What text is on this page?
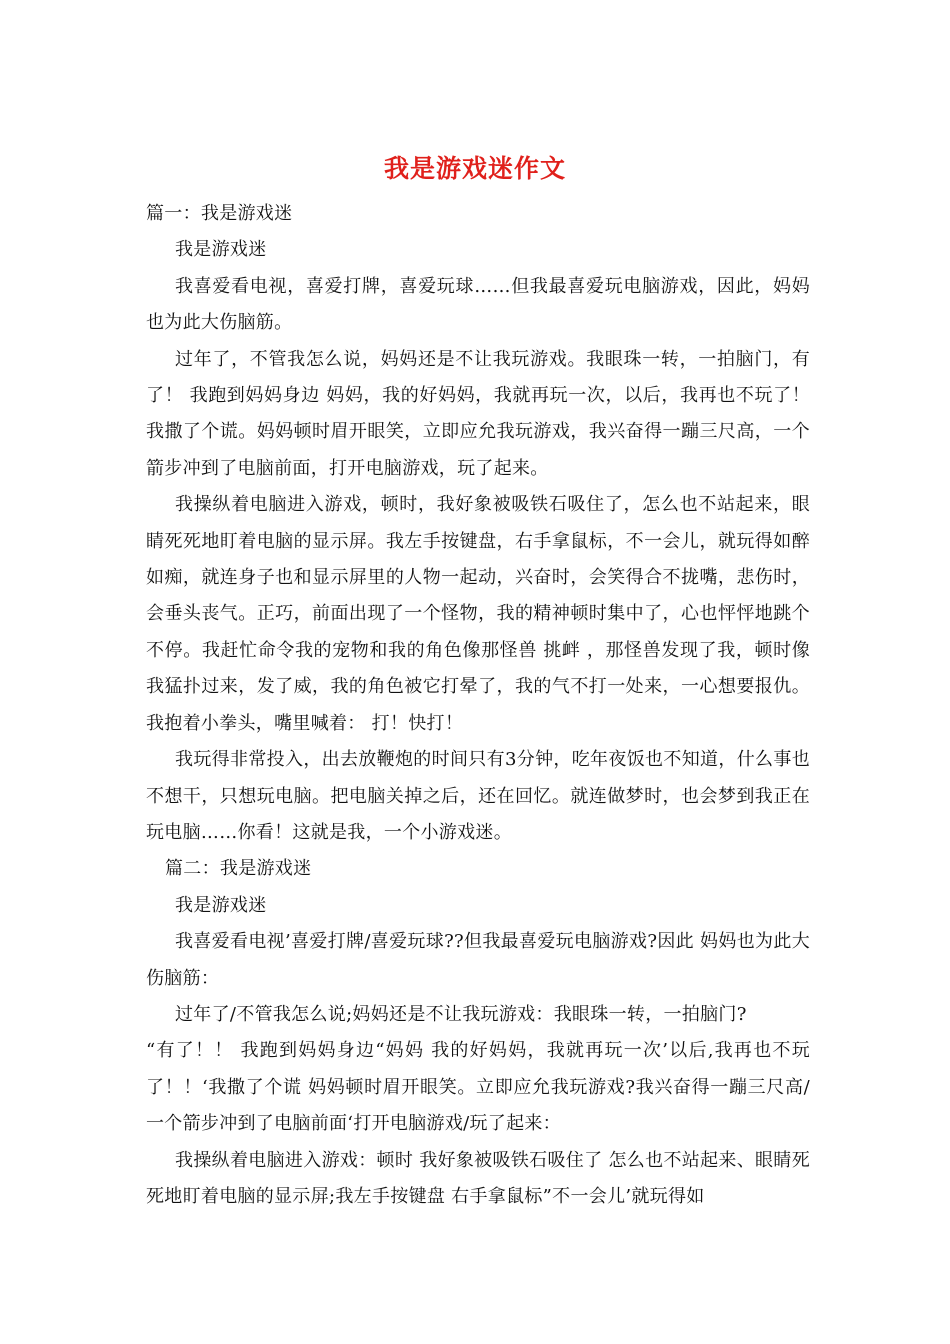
我是游戏迷作文

篇一：我是游戏迷

我是游戏迷

我喜爱看电视，喜爱打牌，喜爱玩球……但我最喜爱玩电脑游戏，因此，妈妈也为此大伤脑筋。

过年了，不管我怎么说，妈妈还是不让我玩游戏。我眼珠一转，一拍脑门，有了！ 我跑到妈妈身边 妈妈，我的好妈妈，我就再玩一次，以后，我再也不玩了！ 我撒了个谎。妈妈顿时眉开眼笑，立即应允我玩游戏，我兴奋得一蹦三尺高，一个箭步冲到了电脑前面，打开电脑游戏，玩了起来。

我操纵着电脑进入游戏，顿时，我好象被吸铁石吸住了，怎么也不站起来，眼睛死死地盯着电脑的显示屏。我左手按键盘，右手拿鼠标，不一会儿，就玩得如醉如痴，就连身子也和显示屏里的人物一起动，兴奋时，会笑得合不拢嘴，悲伤时，会垂头丧气。正巧，前面出现了一个怪物，我的精神顿时集中了，心也怦怦地跳个不停。我赶忙命令我的宠物和我的角色像那怪兽 挑衅 ，那怪兽发现了我，顿时像我猛扑过来，发了威，我的角色被它打晕了，我的气不打一处来，一心想要报仇。我抱着小拳头，嘴里喊着： 打！快打！

我玩得非常投入，出去放鞭炮的时间只有3分钟，吃年夜饭也不知道，什么事也不想干，只想玩电脑。把电脑关掉之后，还在回忆。就连做梦时，也会梦到我正在玩电脑……你看！这就是我，一个小游戏迷。

篇二：我是游戏迷

我是游戏迷

我喜爱看电视’喜爱打牌/喜爱玩球??但我最喜爱玩电脑游戏?因此 妈妈也为此大伤脑筋：

过年了/不管我怎么说;妈妈还是不让我玩游戏：我眼珠一转，一拍脑门?

“有了！！ 我跑到妈妈身边“妈妈 我的好妈妈，我就再玩一次’以后,我再也不玩了！！‘我撒了个谎 妈妈顿时眉开眼笑。立即应允我玩游戏?我兴奋得一蹦三尺高/一个箭步冲到了电脑前面‘打开电脑游戏/玩了起来：

我操纵着电脑进入游戏：顿时 我好象被吸铁石吸住了 怎么也不站起来、眼睛死死地盯着电脑的显示屏;我左手按键盘 右手拿鼠标”不一会儿’就玩得如
